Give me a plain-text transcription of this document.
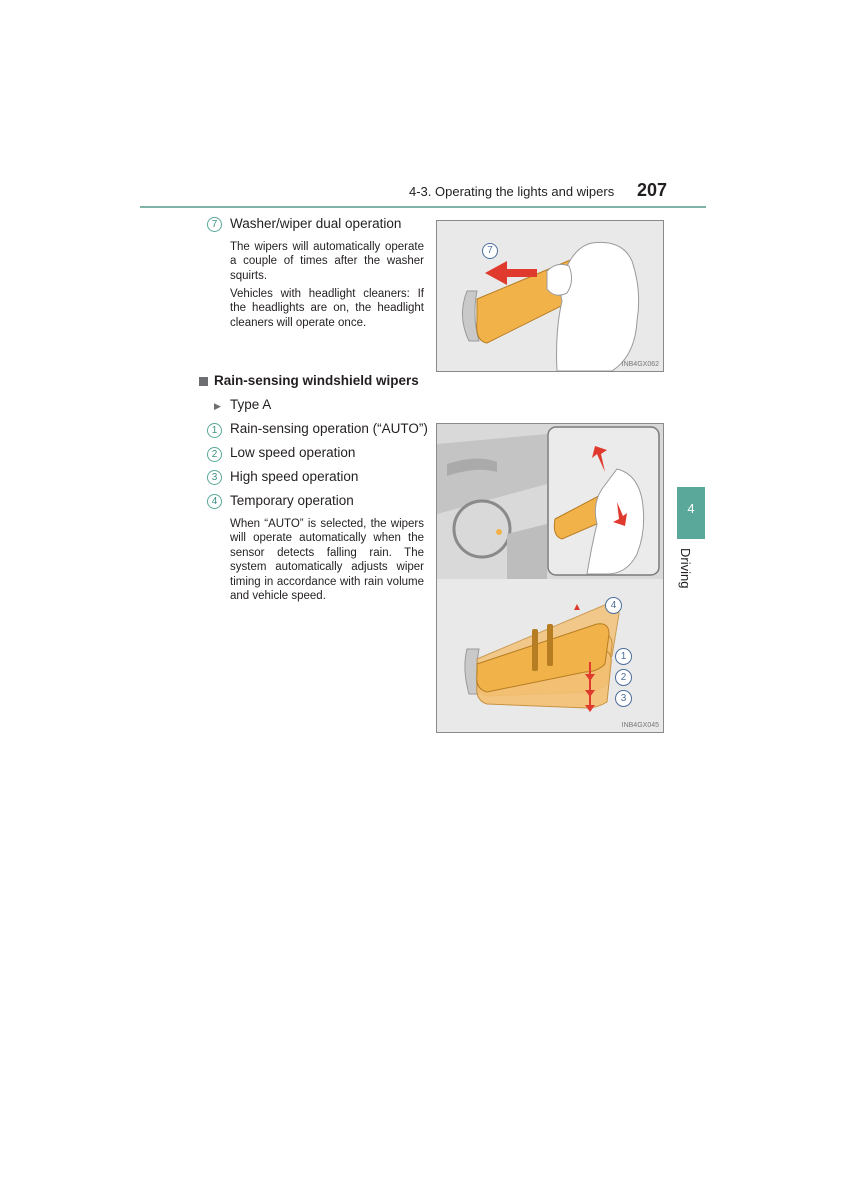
4-3. Operating the lights and wipers 207
7 Washer/wiper dual operation
The wipers will automatically operate a couple of times after the washer squirts.
Vehicles with headlight cleaners: If the headlights are on, the headlight cleaners will operate once.
7
INB4GX062
Rain-sensing windshield wipers
▶ Type A
1 Rain-sensing operation (“AUTO”)
2 Low speed operation
3 High speed operation
4 Temporary operation
When “AUTO” is selected, the wipers will operate automatically when the sensor detects falling rain. The system automatically adjusts wiper timing in accordance with rain volume and vehicle speed.
4
1
2
3
INB4GX045
4
Driving
